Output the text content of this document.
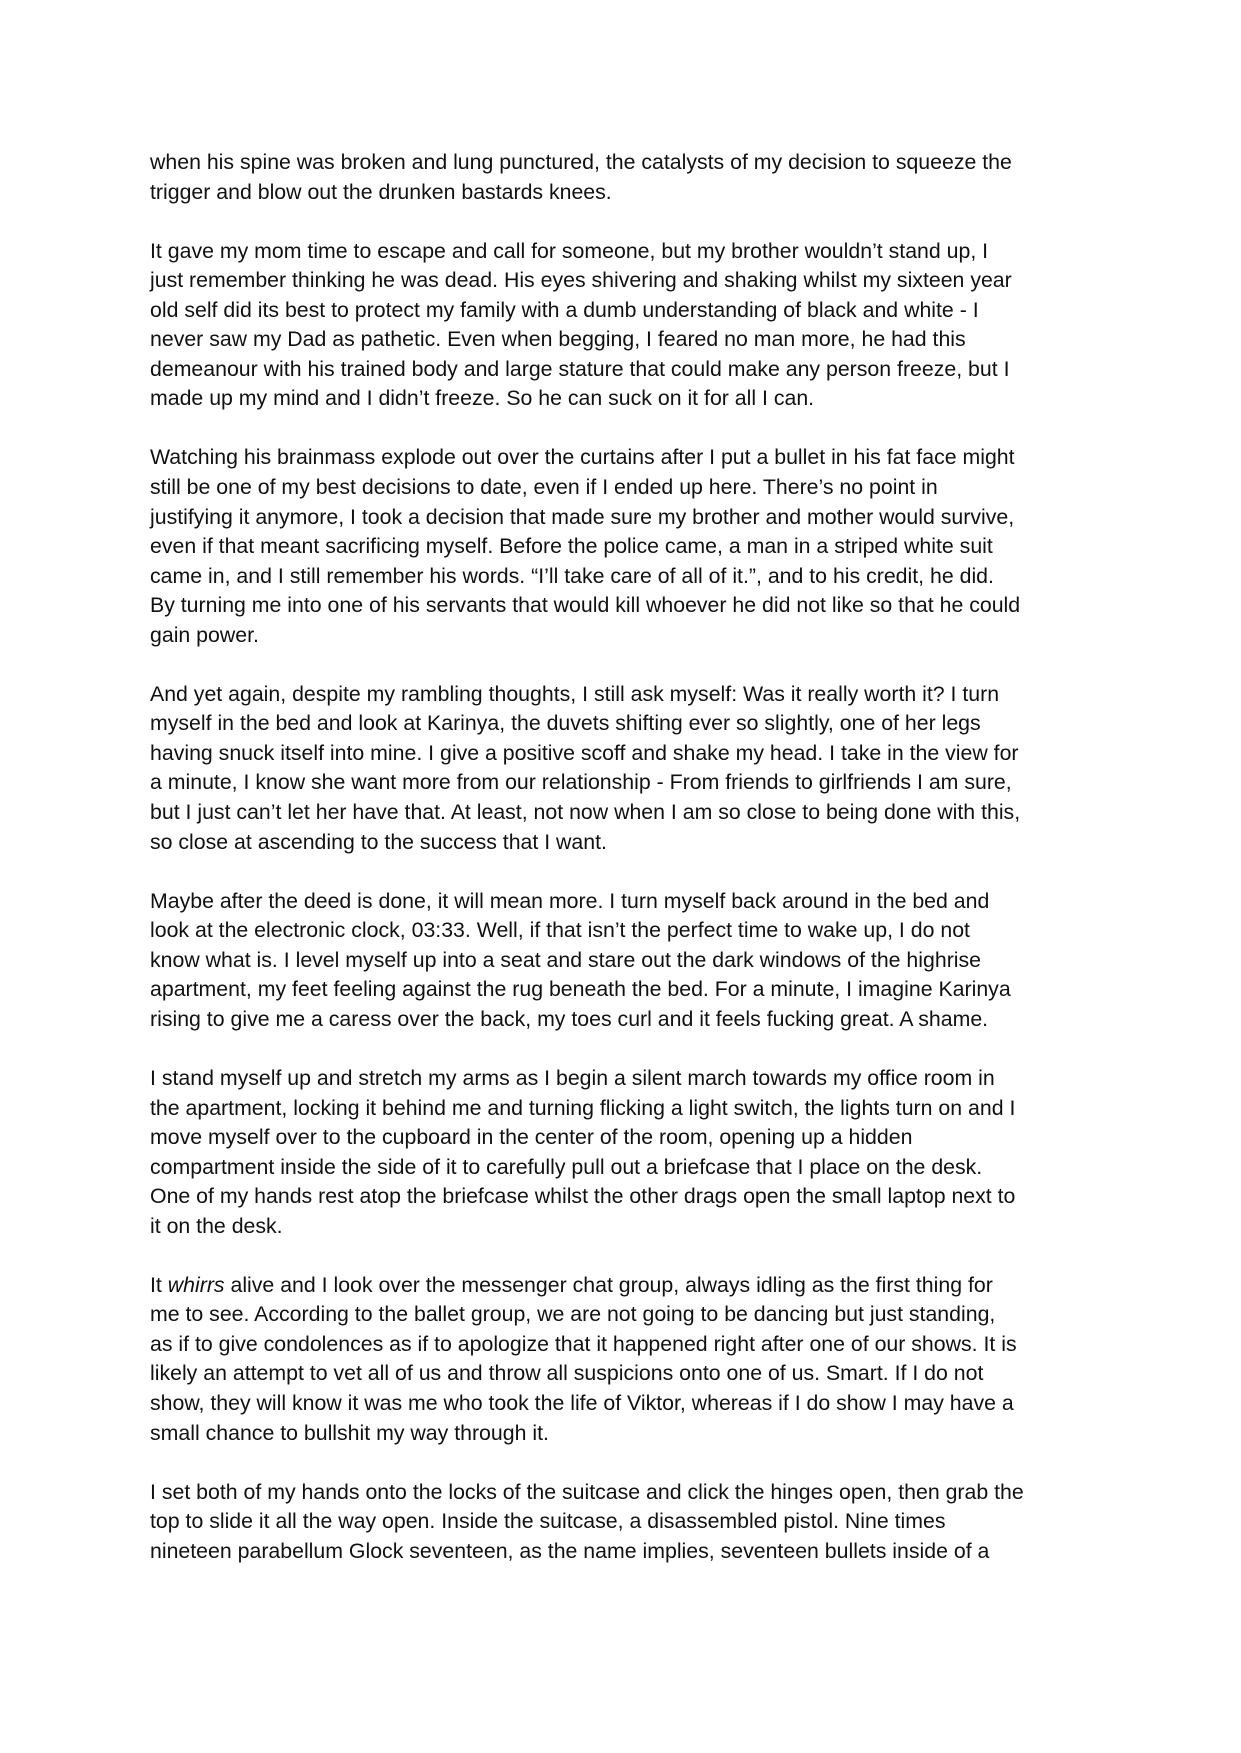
when his spine was broken and lung punctured, the catalysts of my decision to squeeze the
trigger and blow out the drunken bastards knees.

It gave my mom time to escape and call for someone, but my brother wouldn’t stand up, I
just remember thinking he was dead. His eyes shivering and shaking whilst my sixteen year
old self did its best to protect my family with a dumb understanding of black and white - I
never saw my Dad as pathetic. Even when begging, I feared no man more, he had this
demeanour with his trained body and large stature that could make any person freeze, but I
made up my mind and I didn’t freeze. So he can suck on it for all I can.

Watching his brainmass explode out over the curtains after I put a bullet in his fat face might
still be one of my best decisions to date, even if I ended up here. There’s no point in
justifying it anymore, I took a decision that made sure my brother and mother would survive,
even if that meant sacrificing myself. Before the police came, a man in a striped white suit
came in, and I still remember his words. “I’ll take care of all of it.”, and to his credit, he did.
By turning me into one of his servants that would kill whoever he did not like so that he could
gain power.

And yet again, despite my rambling thoughts, I still ask myself: Was it really worth it? I turn
myself in the bed and look at Karinya, the duvets shifting ever so slightly, one of her legs
having snuck itself into mine. I give a positive scoff and shake my head. I take in the view for
a minute, I know she want more from our relationship - From friends to girlfriends I am sure,
but I just can’t let her have that. At least, not now when I am so close to being done with this,
so close at ascending to the success that I want.

Maybe after the deed is done, it will mean more. I turn myself back around in the bed and
look at the electronic clock, 03:33. Well, if that isn’t the perfect time to wake up, I do not
know what is. I level myself up into a seat and stare out the dark windows of the highrise
apartment, my feet feeling against the rug beneath the bed. For a minute, I imagine Karinya
rising to give me a caress over the back, my toes curl and it feels fucking great. A shame.

I stand myself up and stretch my arms as I begin a silent march towards my office room in
the apartment, locking it behind me and turning flicking a light switch, the lights turn on and I
move myself over to the cupboard in the center of the room, opening up a hidden
compartment inside the side of it to carefully pull out a briefcase that I place on the desk.
One of my hands rest atop the briefcase whilst the other drags open the small laptop next to
it on the desk.

It whirrs alive and I look over the messenger chat group, always idling as the first thing for
me to see. According to the ballet group, we are not going to be dancing but just standing,
as if to give condolences as if to apologize that it happened right after one of our shows. It is
likely an attempt to vet all of us and throw all suspicions onto one of us. Smart. If I do not
show, they will know it was me who took the life of Viktor, whereas if I do show I may have a
small chance to bullshit my way through it.

I set both of my hands onto the locks of the suitcase and click the hinges open, then grab the
top to slide it all the way open. Inside the suitcase, a disassembled pistol. Nine times
nineteen parabellum Glock seventeen, as the name implies, seventeen bullets inside of a
